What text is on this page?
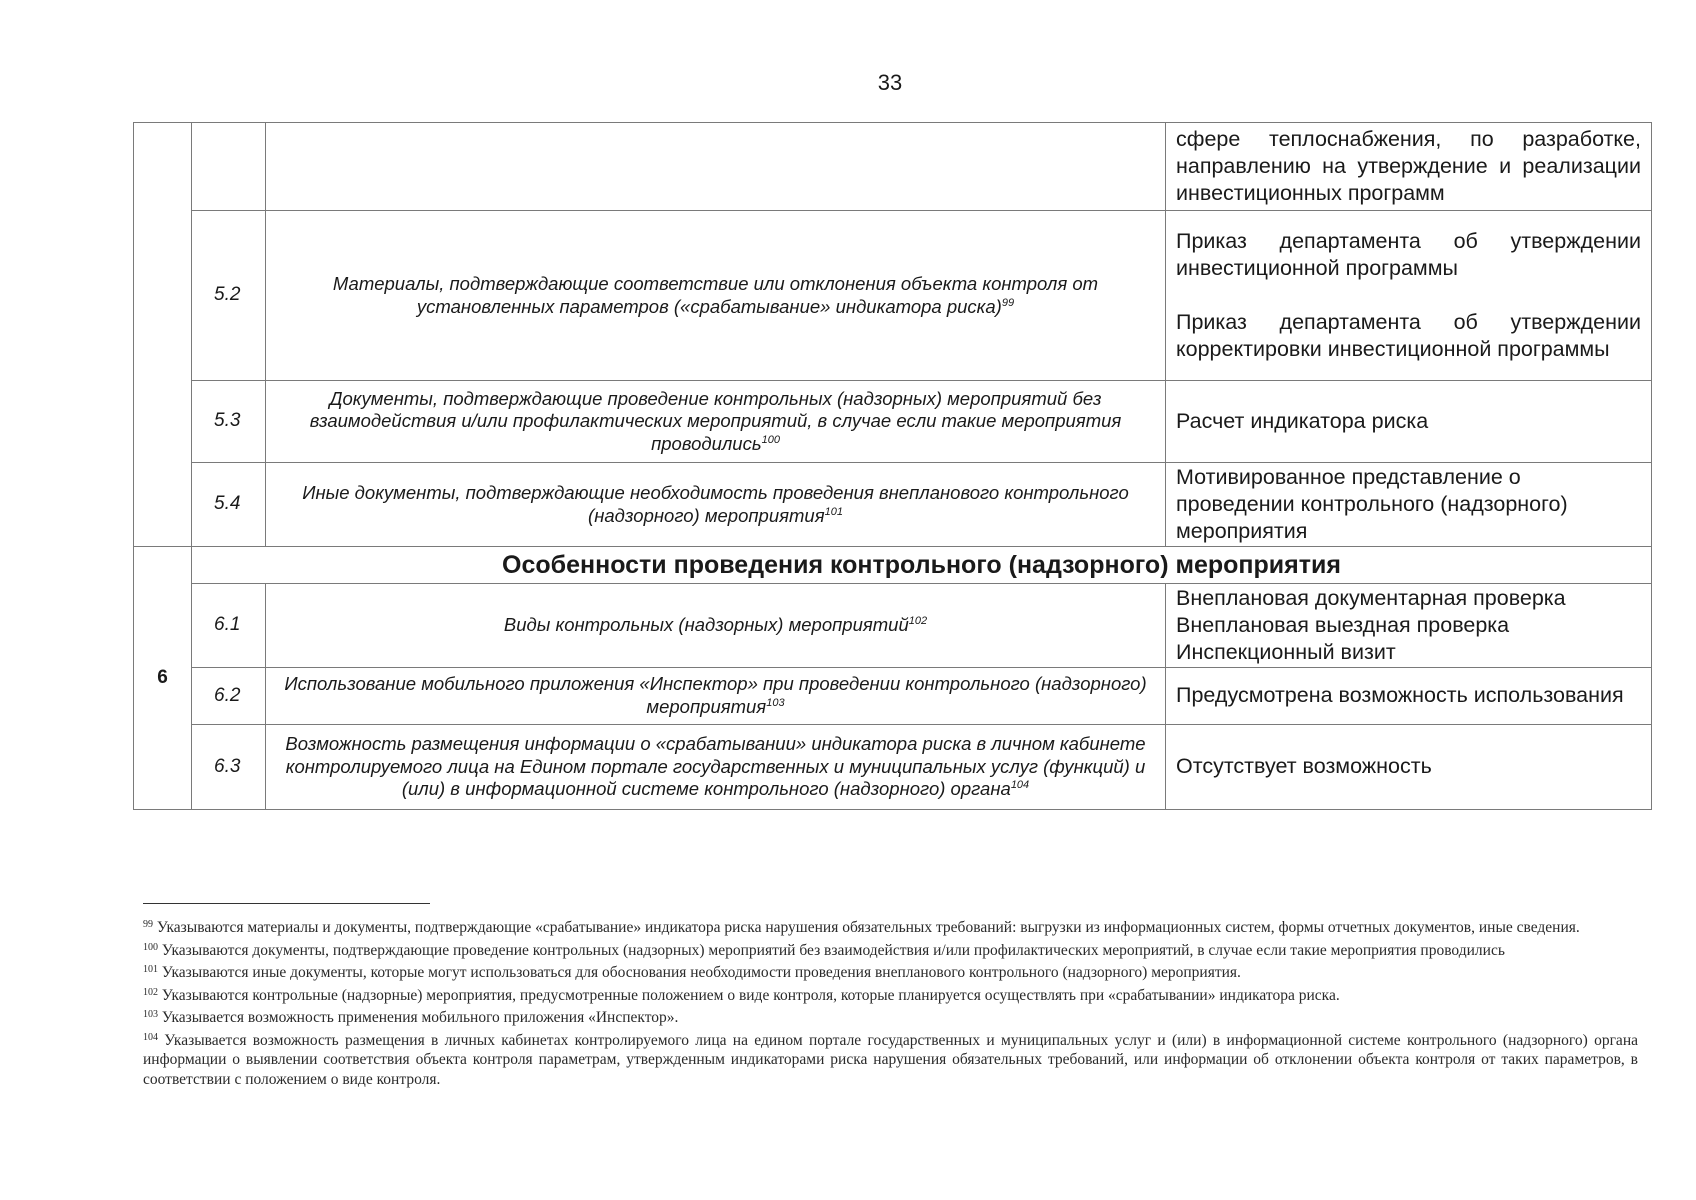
33
			сфере теплоснабжения, по разработке, направлению на утверждение и реализации инвестиционных программ
	5.2	Материалы, подтверждающие соответствие или отклонения объекта контроля от установленных параметров («срабатывание» индикатора риска)$^{99}$	Приказ департамента об утверждении инвестиционной программы
Приказ департамента об утверждении корректировки инвестиционной программы

	5.3	Документы, подтверждающие проведение контрольных (надзорных) мероприятий без взаимодействия и/или профилактических мероприятий, в случае если такие мероприятия проводились$^{100}$	Расчет индикатора риска

	5.4	Иные документы, подтверждающие необходимость проведения внепланового контрольного (надзорного) мероприятия$^{101}$	Мотивированное представление о проведении контрольного (надзорного) мероприятия

6	Особенности проведения контрольного (надзорного) мероприятия		
	6.1	Виды контрольных (надзорных) мероприятий$^{102}$	Внеплановая документарная проверка
Внеплановая выездная проверка
Инспекционный визит

	6.2	Использование мобильного приложения «Инспектор» при проведении контрольного (надзорного) мероприятия$^{103}$	Предусмотрена возможность использования

	6.3	Возможность размещения информации о «срабатывании» индикатора риска в личном кабинете контролируемого лица на Едином портале государственных и муниципальных услуг (функций) и (или) в информационной системе контрольного (надзорного) органа$^{104}$	Отсутствует возможность
$^{99}$ Указываются материалы и документы, подтверждающие «срабатывание» индикатора риска нарушения обязательных требований: выгрузки из информационных систем, формы отчетных документов, иные сведения.
$^{100}$ Указываются документы, подтверждающие проведение контрольных (надзорных) мероприятий без взаимодействия и/или профилактических мероприятий, в случае если такие мероприятия проводились
$^{101}$ Указываются иные документы, которые могут использоваться для обоснования необходимости проведения внепланового контрольного (надзорного) мероприятия.
$^{102}$ Указываются контрольные (надзорные) мероприятия, предусмотренные положением о виде контроля, которые планируется осуществлять при «срабатывании» индикатора риска.
$^{103}$ Указывается возможность применения мобильного приложения «Инспектор».
$^{104}$ Указывается возможность размещения в личных кабинетах контролируемого лица на едином портале государственных и муниципальных услуг и (или) в информационной системе контрольного (надзорного) органа информации о выявлении соответствия объекта контроля параметрам, утвержденным индикаторами риска нарушения обязательных требований, или информации об отклонении объекта контроля от таких параметров, в соответствии с положением о виде контроля.
